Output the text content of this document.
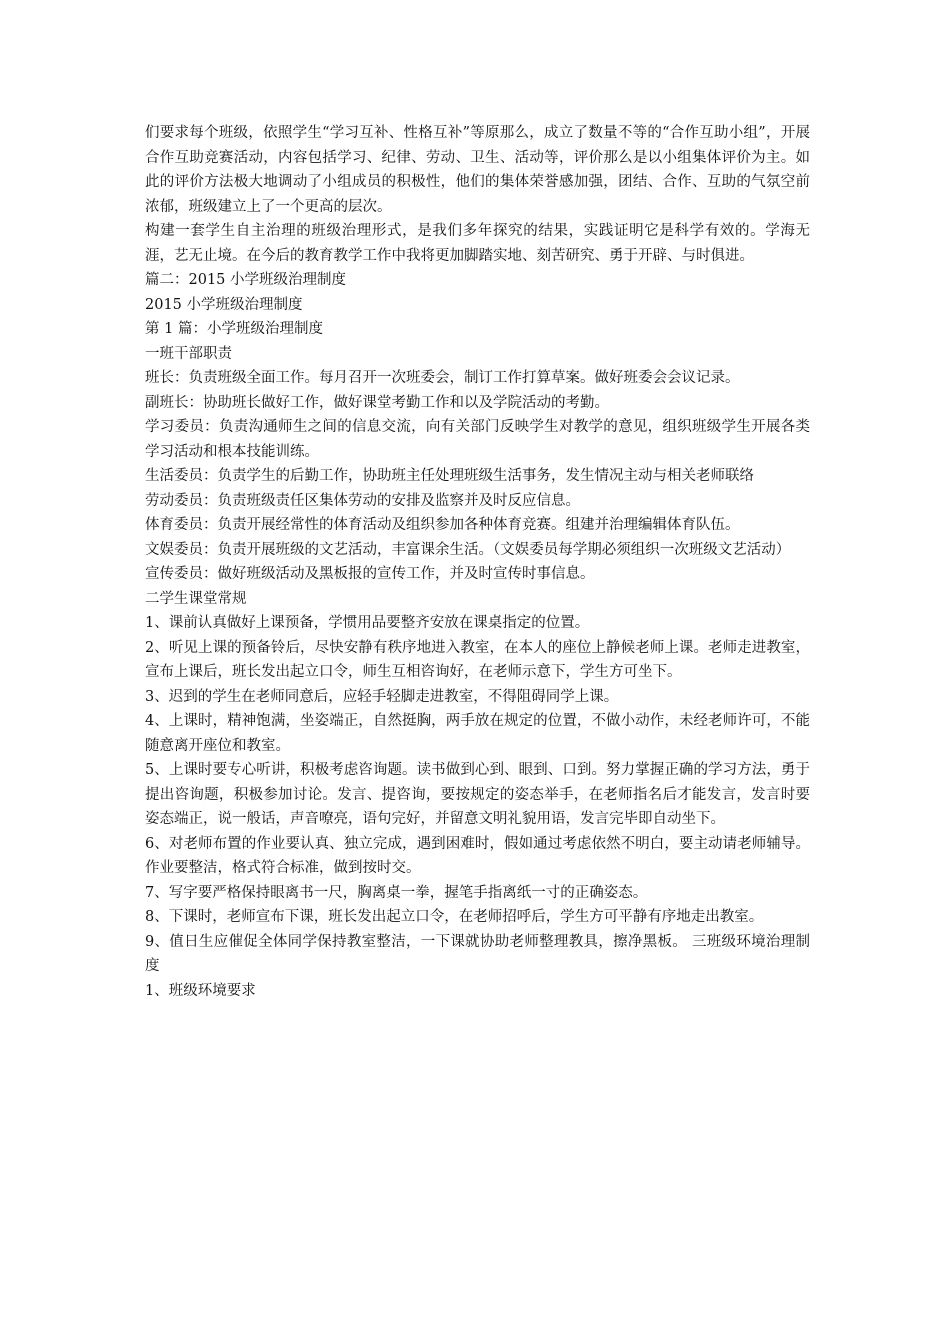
们要求每个班级，依照学生“学习互补、性格互补”等原那么，成立了数量不等的“合作互助小组”，开展合作互助竞赛活动，内容包括学习、纪律、劳动、卫生、活动等，评价那么是以小组集体评价为主。如此的评价方法极大地调动了小组成员的积极性，他们的集体荣誉感加强，团结、合作、互助的气氛空前浓郁，班级建立上了一个更高的层次。

构建一套学生自主治理的班级治理形式，是我们多年探究的结果，实践证明它是科学有效的。学海无涯，艺无止境。在今后的教育教学工作中我将更加脚踏实地、刻苦研究、勇于开辟、与时俱进。

篇二：2015 小学班级治理制度

2015 小学班级治理制度

第 1 篇：小学班级治理制度

一班干部职责

班长：负责班级全面工作。每月召开一次班委会，制订工作打算草案。做好班委会会议记录。

副班长：协助班长做好工作，做好课堂考勤工作和以及学院活动的考勤。

学习委员：负责沟通师生之间的信息交流，向有关部门反映学生对教学的意见，组织班级学生开展各类学习活动和根本技能训练。

生活委员：负责学生的后勤工作，协助班主任处理班级生活事务，发生情况主动与相关老师联络

劳动委员：负责班级责任区集体劳动的安排及监察并及时反应信息。

体育委员：负责开展经常性的体育活动及组织参加各种体育竞赛。组建并治理编辑体育队伍。

文娱委员：负责开展班级的文艺活动，丰富课余生活。（文娱委员每学期必须组织一次班级文艺活动）

宣传委员：做好班级活动及黑板报的宣传工作，并及时宣传时事信息。

二学生课堂常规

1、课前认真做好上课预备，学惯用品要整齐安放在课桌指定的位置。

2、听见上课的预备铃后，尽快安静有秩序地进入教室，在本人的座位上静候老师上课。老师走进教室，宣布上课后，班长发出起立口令，师生互相咨询好，在老师示意下，学生方可坐下。

3、迟到的学生在老师同意后，应轻手轻脚走进教室，不得阻碍同学上课。

4、上课时，精神饱满，坐姿端正，自然挺胸，两手放在规定的位置，不做小动作，未经老师许可，不能随意离开座位和教室。

5、上课时要专心听讲，积极考虑咨询题。读书做到心到、眼到、口到。努力掌握正确的学习方法，勇于提出咨询题，积极参加讨论。发言、提咨询，要按规定的姿态举手，在老师指名后才能发言，发言时要姿态端正，说一般话，声音嘹亮，语句完好，并留意文明礼貌用语，发言完毕即自动坐下。

6、对老师布置的作业要认真、独立完成，遇到困难时，假如通过考虑依然不明白，要主动请老师辅导。作业要整洁，格式符合标准，做到按时交。

7、写字要严格保持眼离书一尺，胸离桌一拳，握笔手指离纸一寸的正确姿态。

8、下课时，老师宣布下课，班长发出起立口令，在老师招呼后，学生方可平静有序地走出教室。

9、值日生应催促全体同学保持教室整洁，一下课就协助老师整理教具，擦净黑板。 三班级环境治理制度

1、班级环境要求
